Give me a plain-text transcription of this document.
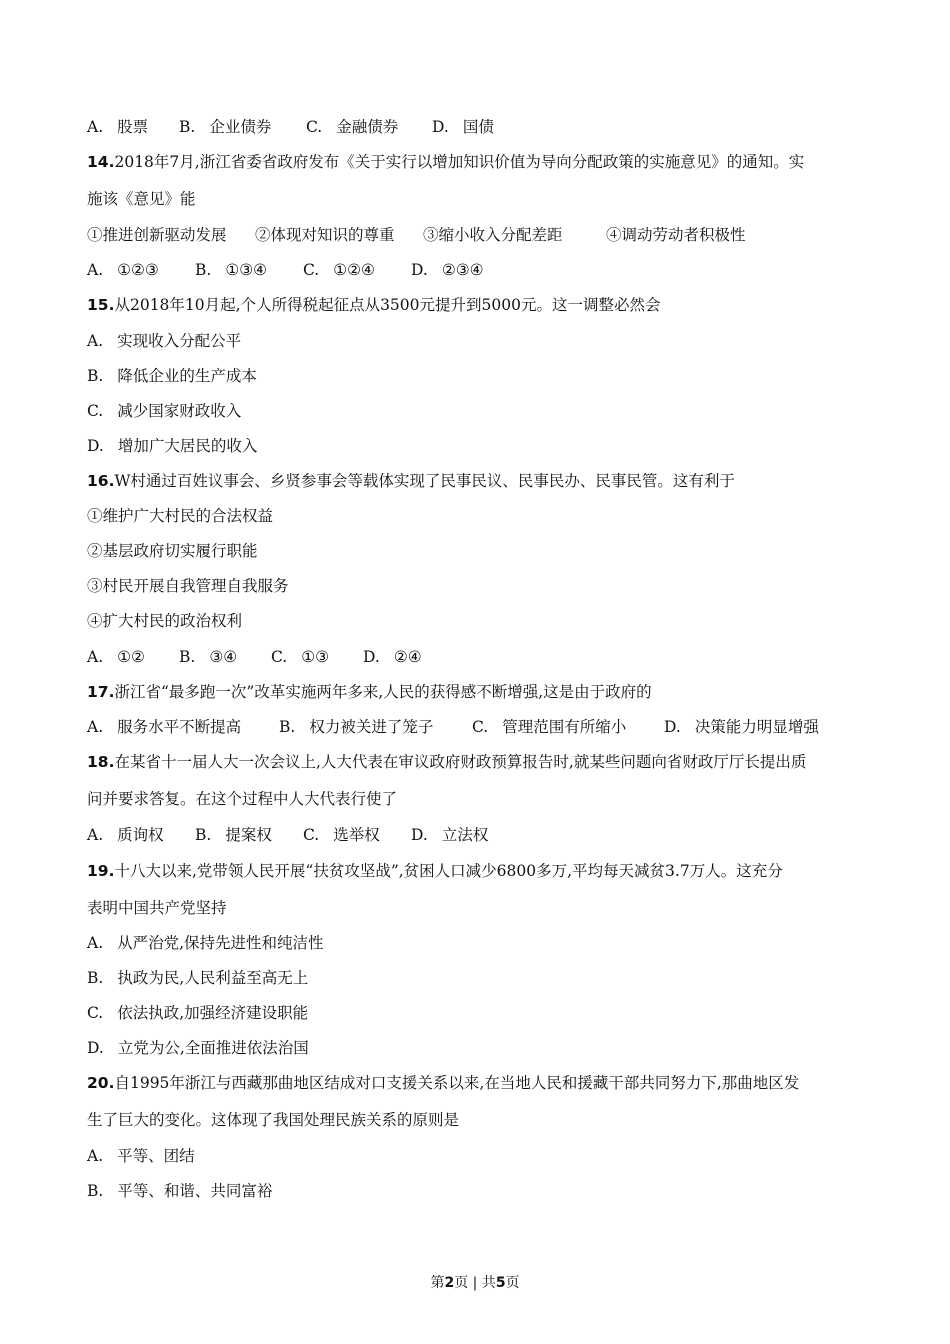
A. 股票 B. 企业债券 C. 金融债券 D. 国债
14.2018年7月,浙江省委省政府发布《关于实行以增加知识价值为导向分配政策的实施意见》的通知。实
施该《意见》能
①推进创新驱动发展 ②体现对知识的尊重 ③缩小收入分配差距	④调动劳动者积极性
A. ①②③ B. ①③④ C. ①②④ D. ②③④
15.从2018年10月起,个人所得税起征点从3500元提升到5000元。这一调整必然会
A. 实现收入分配公平
B. 降低企业的生产成本
C. 减少国家财政收入
D. 增加广大居民的收入
16.W村通过百姓议事会、乡贤参事会等载体实现了民事民议、民事民办、民事民管。这有利于
①维护广大村民的合法权益
②基层政府切实履行职能
③村民开展自我管理自我服务
④扩大村民的政治权利
A. ①② B. ③④ C. ①③ D. ②④
17.浙江省“最多跑一次”改革实施两年多来,人民的获得感不断增强,这是由于政府的
A. 服务水平不断提高 B. 权力被关进了笼子 C. 管理范围有所缩小 D. 决策能力明显增强
18.在某省十一届人大一次会议上,人大代表在审议政府财政预算报告时,就某些问题向省财政厅厅长提出质
问并要求答复。在这个过程中人大代表行使了
A. 质询权 B. 提案权 C. 选举权 D. 立法权
19.十八大以来,党带领人民开展“扶贫攻坚战”,贫困人口减少6800多万,平均每天减贫3.7万人。这充分
表明中国共产党坚持
A. 从严治党,保持先进性和纯洁性
B. 执政为民,人民利益至高无上
C. 依法执政,加强经济建设职能
D. 立党为公,全面推进依法治国
20.自1995年浙江与西藏那曲地区结成对口支援关系以来,在当地人民和援藏干部共同努力下,那曲地区发
生了巨大的变化。这体现了我国处理民族关系的原则是
A. 平等、团结
B. 平等、和谐、共同富裕
第2页 | 共5页
